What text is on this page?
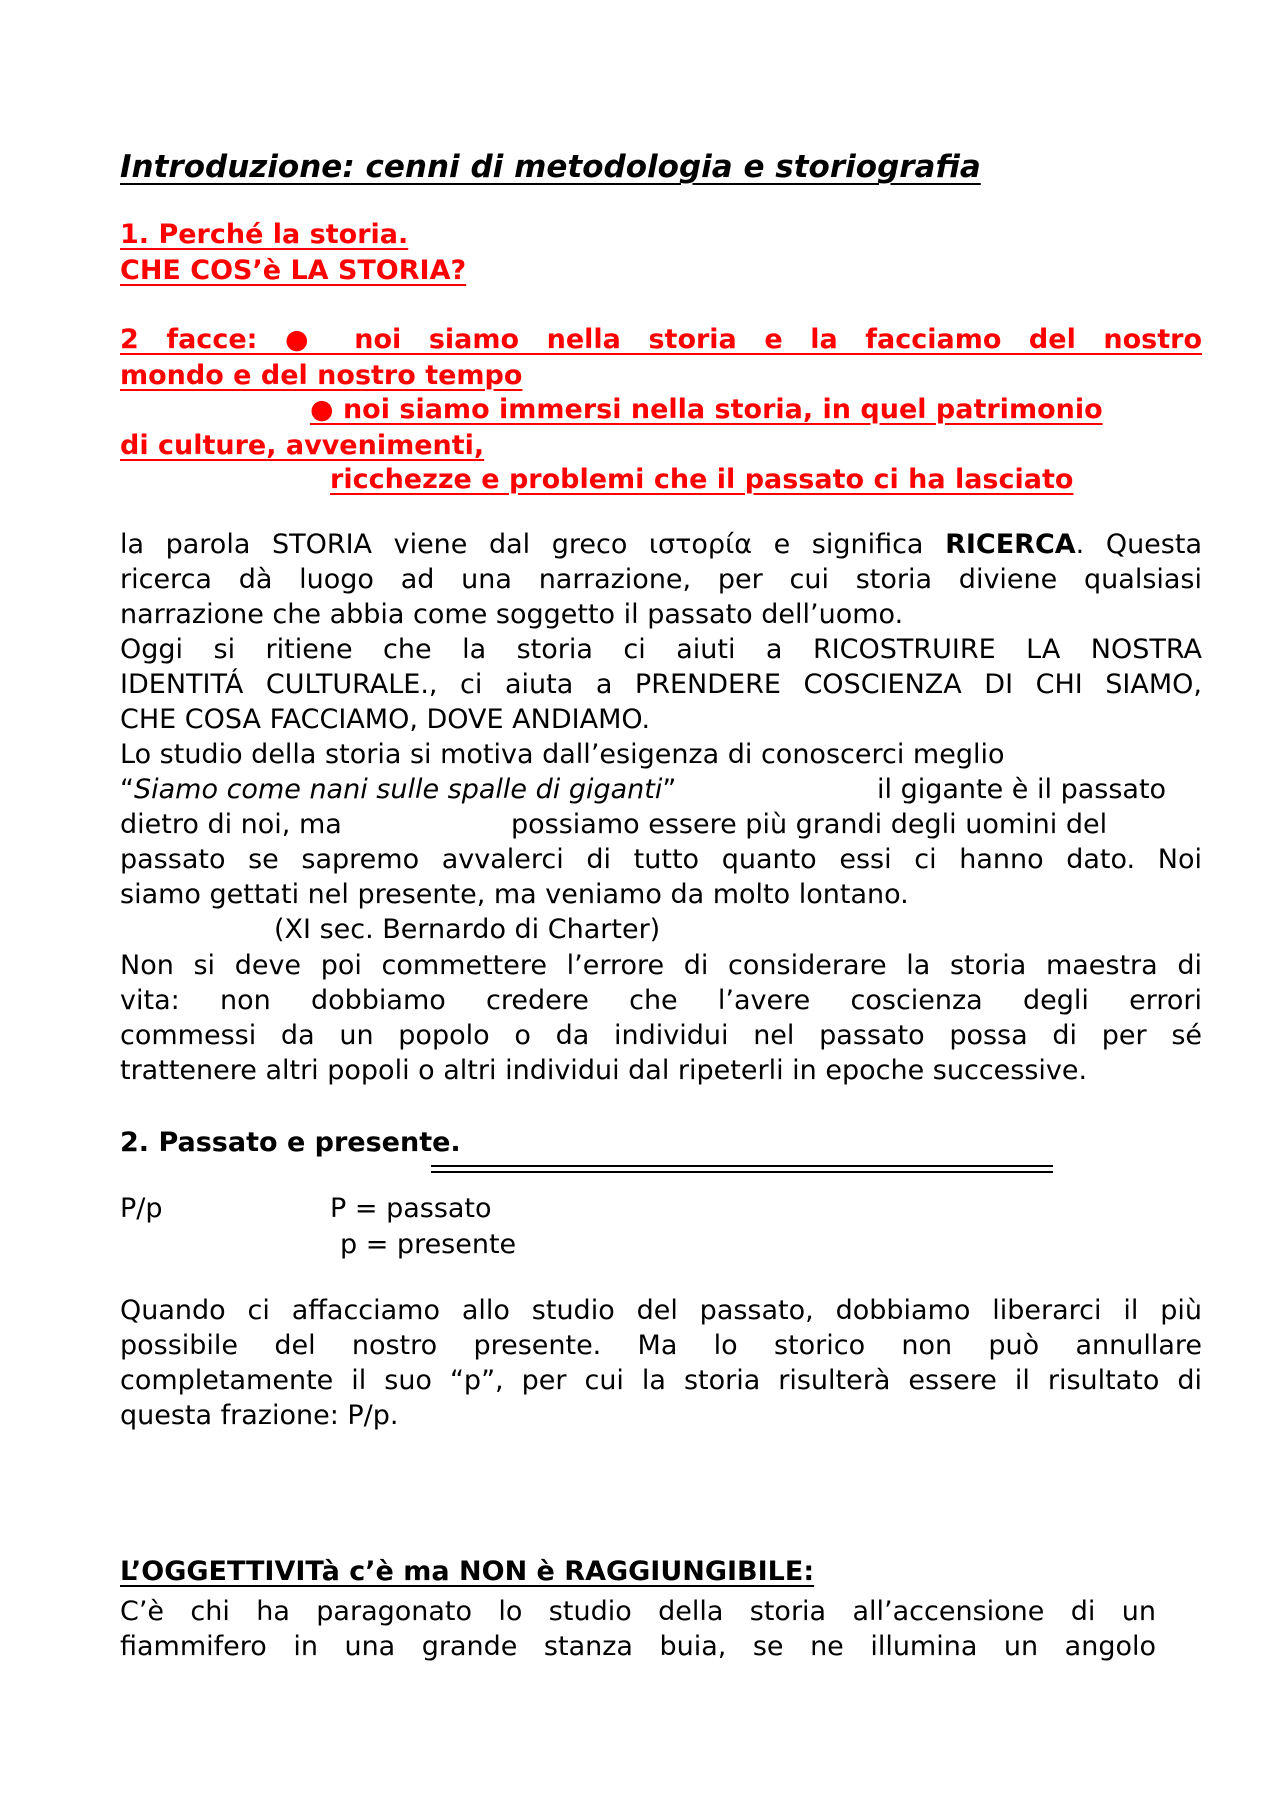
Introduzione: cenni di metodologia e storiografia
1. Perché la storia.
CHE COS’è LA STORIA?
2 facce: ● noi siamo nella storia e la facciamo del nostro
mondo e del nostro tempo
● noi siamo immersi nella storia, in quel patrimonio
di culture, avvenimenti,
ricchezze e problemi che il passato ci ha lasciato
la parola STORIA viene dal greco ιστορία e significa RICERCA. Questa
ricerca dà luogo ad una narrazione, per cui storia diviene qualsiasi
narrazione che abbia come soggetto il passato dell’uomo.
Oggi si ritiene che la storia ci aiuti a RICOSTRUIRE LA NOSTRA
IDENTITÁ CULTURALE., ci aiuta a PRENDERE COSCIENZA DI CHI SIAMO,
CHE COSA FACCIAMO, DOVE ANDIAMO.
Lo studio della storia si motiva dall’esigenza di conoscerci meglio
“Siamo come nani sulle spalle di giganti”	il gigante è il passato
dietro di noi, ma	possiamo essere più grandi degli uomini del
passato se sapremo avvalerci di tutto quanto essi ci hanno dato. Noi
siamo gettati nel presente, ma veniamo da molto lontano.
(XI sec. Bernardo di Charter)
Non si deve poi commettere l’errore di considerare la storia maestra di
vita: non dobbiamo credere che l’avere coscienza degli errori
commessi da un popolo o da individui nel passato possa di per sé
trattenere altri popoli o altri individui dal ripeterli in epoche successive.
2. Passato e presente.
P/p	P = passato
p = presente
Quando ci affacciamo allo studio del passato, dobbiamo liberarci il più
possibile del nostro presente. Ma lo storico non può annullare
completamente il suo “p”, per cui la storia risulterà essere il risultato di
questa frazione: P/p.
L’OGGETTIVITà c’è ma NON è RAGGIUNGIBILE:
C’è chi ha paragonato lo studio della storia all’accensione di un
fiammifero in una grande stanza buia, se ne illumina un angolo
